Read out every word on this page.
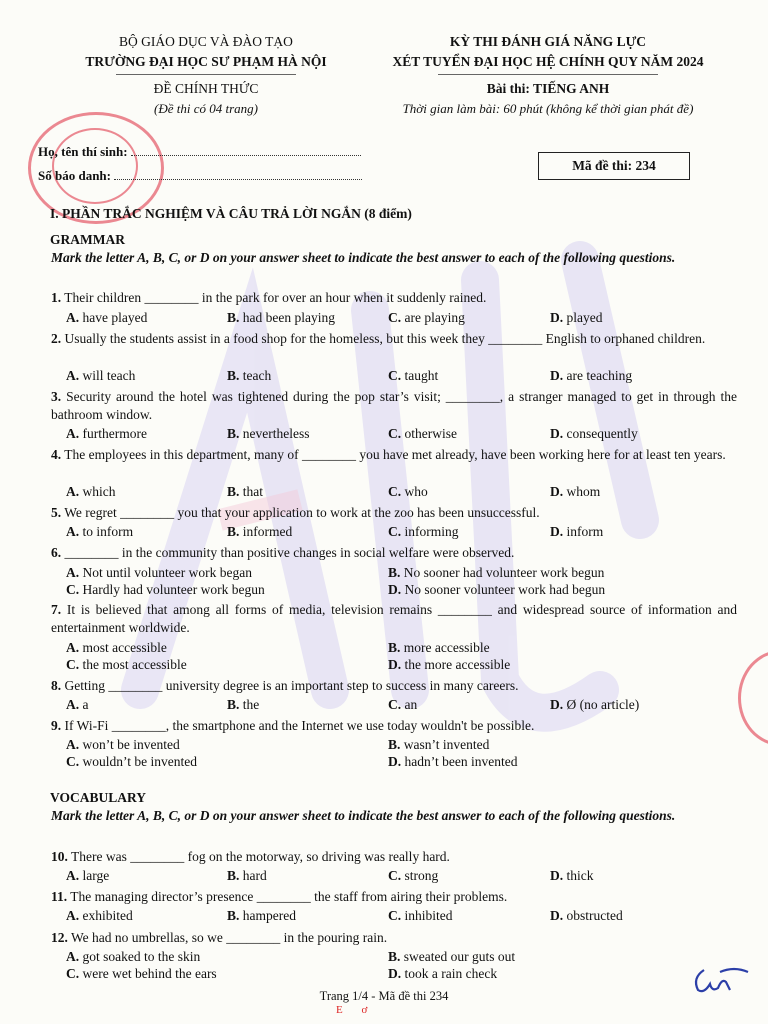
BỘ GIÁO DỤC VÀ ĐÀO TẠO
TRƯỜNG ĐẠI HỌC SƯ PHẠM HÀ NỘI
ĐỀ CHÍNH THỨC
(Đề thi có 04 trang)
KỲ THI ĐÁNH GIÁ NĂNG LỰC
XÉT TUYỂN ĐẠI HỌC HỆ CHÍNH QUY NĂM 2024
Bài thi: TIẾNG ANH
Thời gian làm bài: 60 phút (không kể thời gian phát đề)
Họ, tên thí sinh:
Số báo danh:
Mã đề thi: 234
I. PHẦN TRẮC NGHIỆM VÀ CÂU TRẢ LỜI NGẮN (8 điểm)
GRAMMAR
Mark the letter A, B, C, or D on your answer sheet to indicate the best answer to each of the following questions.
1. Their children ________ in the park for over an hour when it suddenly rained.
A. have played	B. had been playing	C. are playing	D. played
2. Usually the students assist in a food shop for the homeless, but this week they ________ English to orphaned children.
A. will teach	B. teach	C. taught	D. are teaching
3. Security around the hotel was tightened during the pop star’s visit; ________, a stranger managed to get in through the bathroom window.
A. furthermore	B. nevertheless	C. otherwise	D. consequently
4. The employees in this department, many of ________ you have met already, have been working here for at least ten years.
A. which	B. that	C. who	D. whom
5. We regret ________ you that your application to work at the zoo has been unsuccessful.
A. to inform	B. informed	C. informing	D. inform
6. ________ in the community than positive changes in social welfare were observed.
A. Not until volunteer work began	B. No sooner had volunteer work begun
C. Hardly had volunteer work begun	D. No sooner volunteer work had begun
7. It is believed that among all forms of media, television remains ________ and widespread source of information and entertainment worldwide.
A. most accessible	B. more accessible
C. the most accessible	D. the more accessible
8. Getting ________ university degree is an important step to success in many careers.
A. a	B. the	C. an	D. Ø (no article)
9. If Wi-Fi ________, the smartphone and the Internet we use today wouldn't be possible.
A. won’t be invented	B. wasn’t invented
C. wouldn’t be invented	D. hadn’t been invented
10. There was ________ fog on the motorway, so driving was really hard.
A. large	B. hard	C. strong	D. thick
11. The managing director’s presence ________ the staff from airing their problems.
A. exhibited	B. hampered	C. inhibited	D. obstructed
12. We had no umbrellas, so we ________ in the pouring rain.
A. got soaked to the skin	B. sweated our guts out
C. were wet behind the ears	D. took a rain check
VOCABULARY
Mark the letter A, B, C, or D on your answer sheet to indicate the best answer to each of the following questions.
Trang 1/4 - Mã đề thi 234
E ơ
